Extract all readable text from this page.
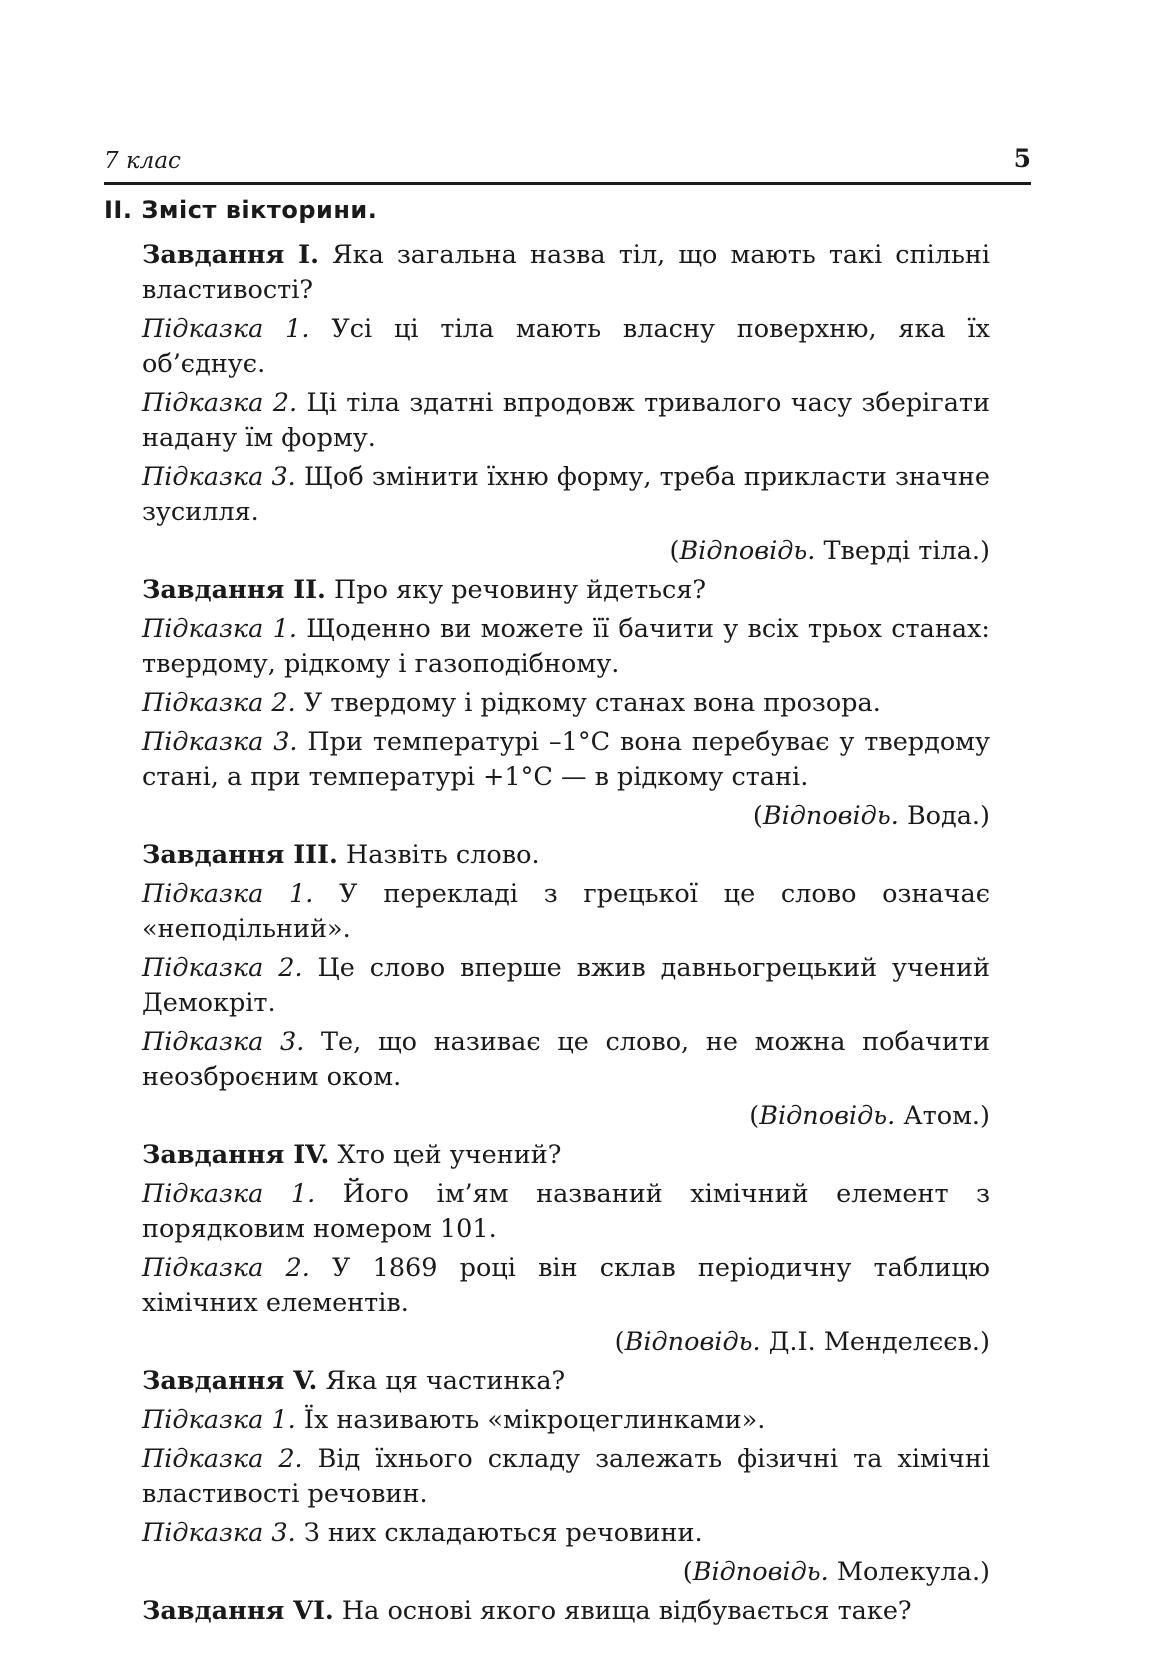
7 клас	5
II. Зміст вікторини.

Завдання I. Яка загальна назва тіл, що мають такі спільні властивості?

Підказка 1. Усі ці тіла мають власну поверхню, яка їх об’єднує.

Підказка 2. Ці тіла здатні впродовж тривалого часу зберігати надану їм форму.

Підказка 3. Щоб змінити їхню форму, треба прикласти значне зусилля.

(Відповідь. Тверді тіла.)

Завдання II. Про яку речовину йдеться?

Підказка 1. Щоденно ви можете її бачити у всіх трьох станах: твердому, рідкому і газоподібному.

Підказка 2. У твердому і рідкому станах вона прозора.

Підказка 3. При температурі –1°С вона перебуває у твердому стані, а при температурі +1°С — в рідкому стані.

(Відповідь. Вода.)

Завдання III. Назвіть слово.

Підказка 1. У перекладі з грецької це слово означає «неподільний».

Підказка 2. Це слово вперше вжив давньогрецький учений Демокріт.

Підказка 3. Те, що називає це слово, не можна побачити неозброєним оком.

(Відповідь. Атом.)

Завдання IV. Хто цей учений?

Підказка 1. Його ім’ям названий хімічний елемент з порядковим номером 101.

Підказка 2. У 1869 році він склав періодичну таблицю хімічних елементів.

(Відповідь. Д.І. Менделєєв.)

Завдання V. Яка ця частинка?

Підказка 1. Їх називають «мікроцеглинками».

Підказка 2. Від їхнього складу залежать фізичні та хімічні властивості речовин.

Підказка 3. З них складаються речовини.

(Відповідь. Молекула.)

Завдання VI. На основі якого явища відбувається таке?
